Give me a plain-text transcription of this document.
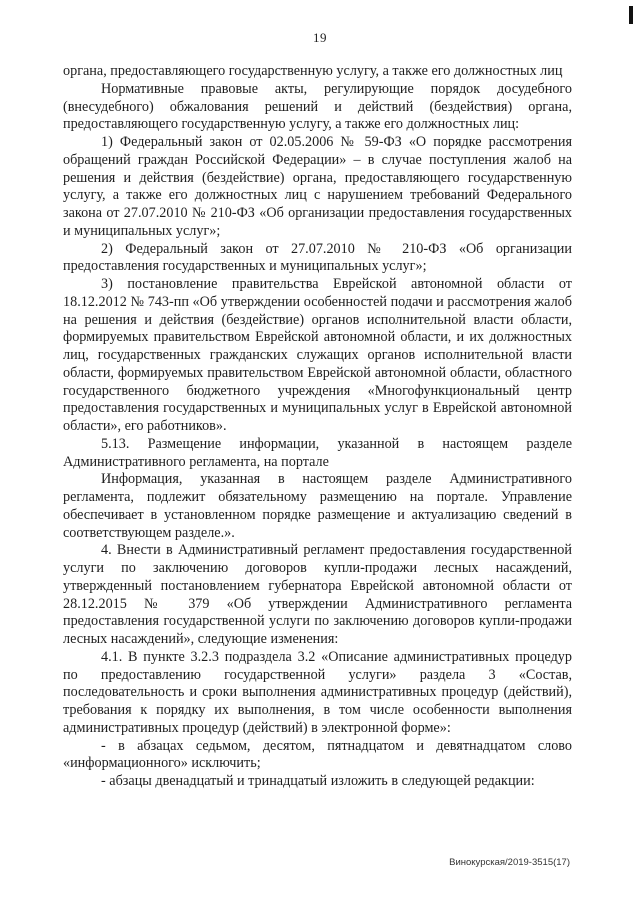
19

органа, предоставляющего государственную услугу, а также его должностных лиц

Нормативные правовые акты, регулирующие порядок досудебного (внесудебного) обжалования решений и действий (бездействия) органа, предоставляющего государственную услугу, а также его должностных лиц:

1) Федеральный закон от 02.05.2006 № 59-ФЗ «О порядке рассмотрения обращений граждан Российской Федерации» – в случае поступления жалоб на решения и действия (бездействие) органа, предоставляющего государственную услугу, а также его должностных лиц с нарушением требований Федерального закона от 27.07.2010 № 210-ФЗ «Об организации предоставления государственных и муниципальных услуг»;

2) Федеральный закон от 27.07.2010 № 210-ФЗ «Об организации предоставления государственных и муниципальных услуг»;

3) постановление правительства Еврейской автономной области от 18.12.2012 № 743-пп «Об утверждении особенностей подачи и рассмотрения жалоб на решения и действия (бездействие) органов исполнительной власти области, формируемых правительством Еврейской автономной области, и их должностных лиц, государственных гражданских служащих органов исполнительной власти области, формируемых правительством Еврейской автономной области, областного государственного бюджетного учреждения «Многофункциональный центр предоставления государственных и муниципальных услуг в Еврейской автономной области», его работников».

5.13. Размещение информации, указанной в настоящем разделе Административного регламента, на портале

Информация, указанная в настоящем разделе Административного регламента, подлежит обязательному размещению на портале. Управление обеспечивает в установленном порядке размещение и актуализацию сведений в соответствующем разделе.».

4. Внести в Административный регламент предоставления государственной услуги по заключению договоров купли-продажи лесных насаждений, утвержденный постановлением губернатора Еврейской автономной области от 28.12.2015 № 379 «Об утверждении Административного регламента предоставления государственной услуги по заключению договоров купли-продажи лесных насаждений», следующие изменения:

4.1. В пункте 3.2.3 подраздела 3.2 «Описание административных процедур по предоставлению государственной услуги» раздела 3 «Состав, последовательность и сроки выполнения административных процедур (действий), требования к порядку их выполнения, в том числе особенности выполнения административных процедур (действий) в электронной форме»:

- в абзацах седьмом, десятом, пятнадцатом и девятнадцатом слово «информационного» исключить;

- абзацы двенадцатый и тринадцатый изложить в следующей редакции:

Винокурская/2019-3515(17)
